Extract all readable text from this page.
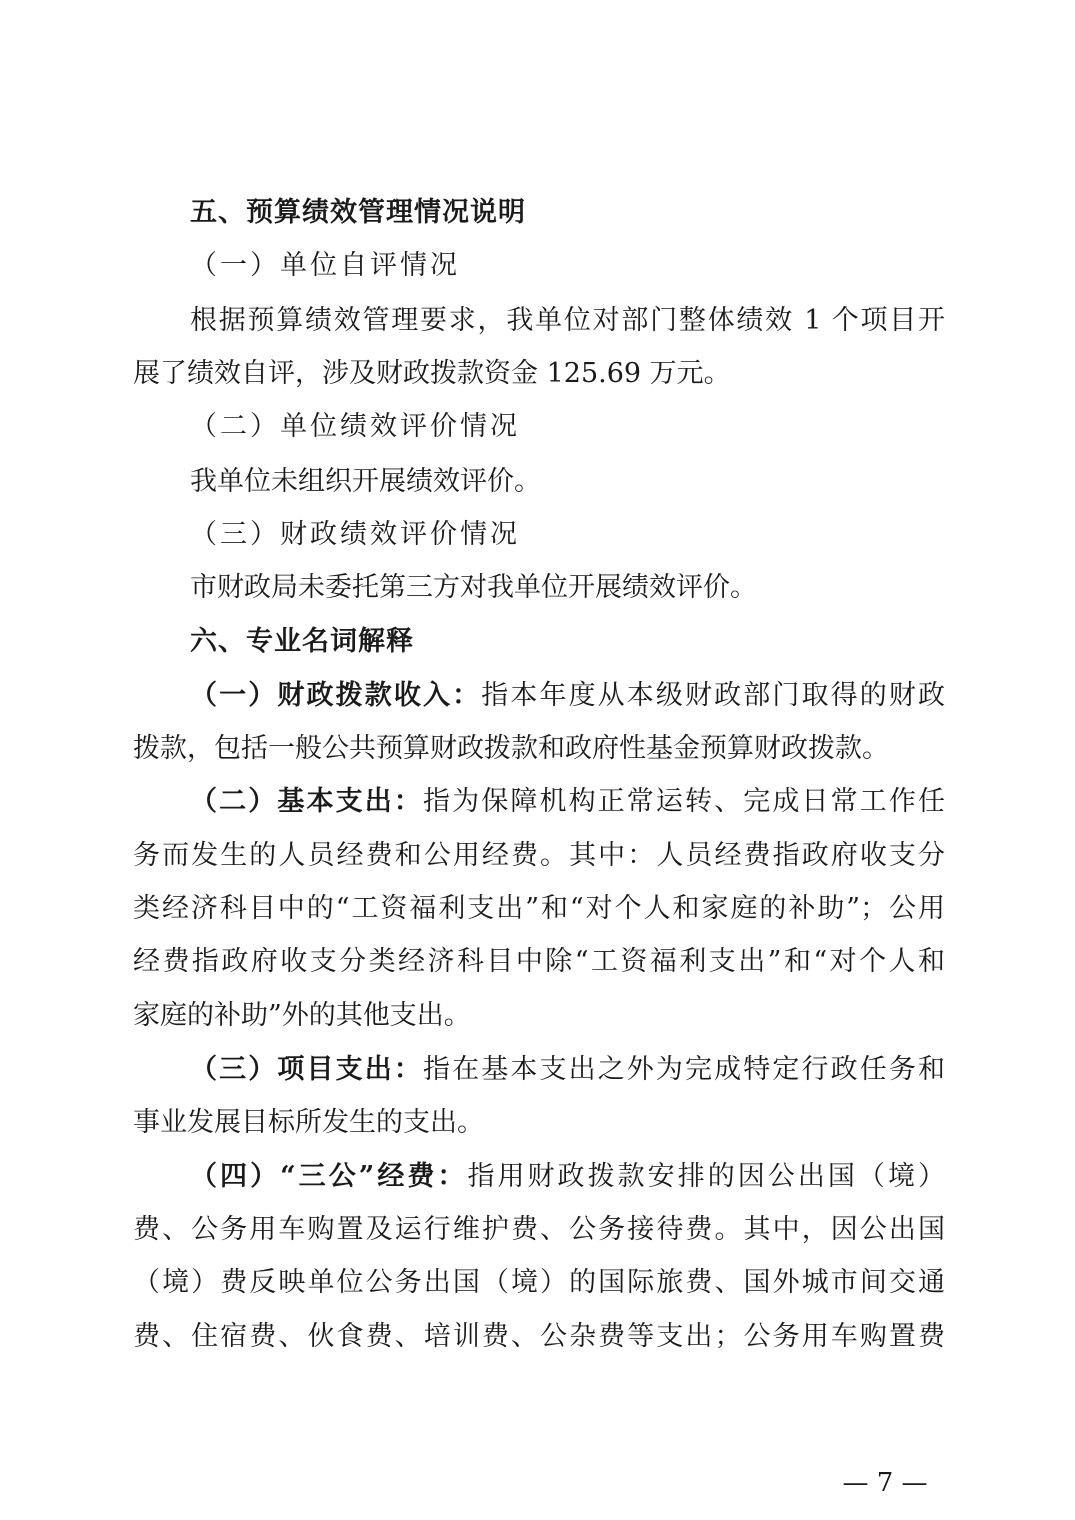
五、预算绩效管理情况说明
（一）单位自评情况
根据预算绩效管理要求，我单位对部门整体绩效 1 个项目开
展了绩效自评，涉及财政拨款资金 125.69 万元。
（二）单位绩效评价情况
我单位未组织开展绩效评价。
（三）财政绩效评价情况
市财政局未委托第三方对我单位开展绩效评价。
六、专业名词解释
（一）财政拨款收入：指本年度从本级财政部门取得的财政
拨款，包括一般公共预算财政拨款和政府性基金预算财政拨款。
（二）基本支出：指为保障机构正常运转、完成日常工作任
务而发生的人员经费和公用经费。其中：人员经费指政府收支分
类经济科目中的“工资福利支出”和“对个人和家庭的补助”；公用
经费指政府收支分类经济科目中除“工资福利支出”和“对个人和
家庭的补助”外的其他支出。
（三）项目支出：指在基本支出之外为完成特定行政任务和
事业发展目标所发生的支出。
（四）“三公”经费：指用财政拨款安排的因公出国（境）
费、公务用车购置及运行维护费、公务接待费。其中，因公出国
（境）费反映单位公务出国（境）的国际旅费、国外城市间交通
费、住宿费、伙食费、培训费、公杂费等支出；公务用车购置费
— 7 —
